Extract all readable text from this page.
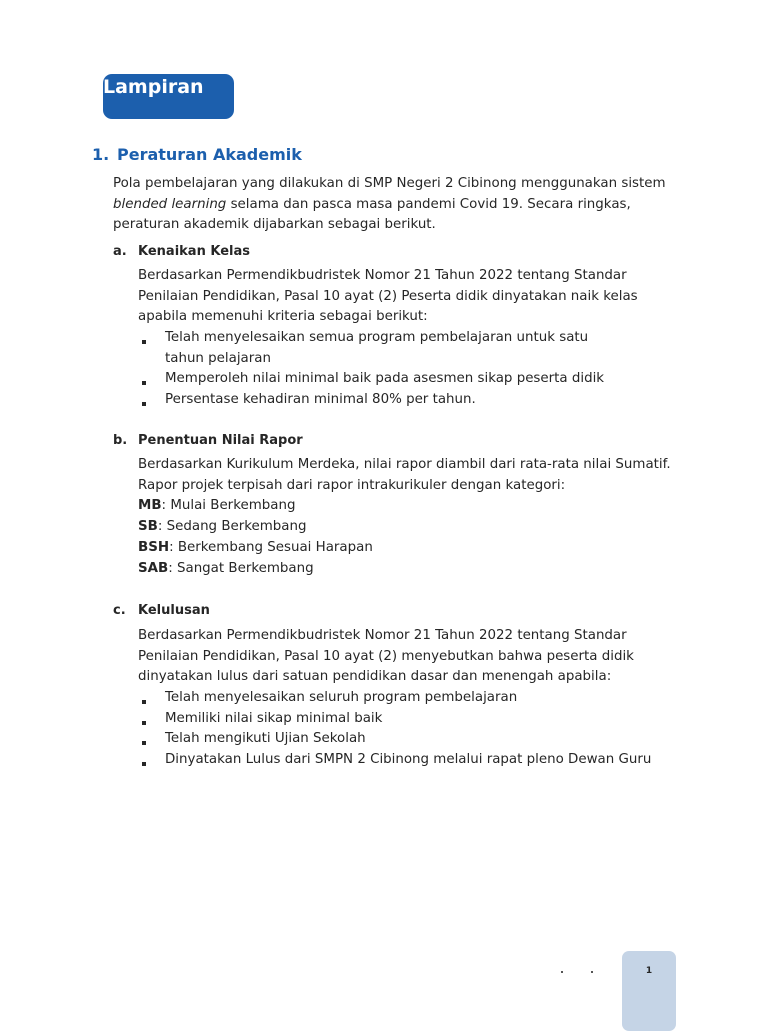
Lampiran
1. Peraturan Akademik
Pola pembelajaran yang dilakukan di SMP Negeri 2 Cibinong menggunakan sistem
blended learning selama dan pasca masa pandemi Covid 19. Secara ringkas,
peraturan akademik dijabarkan sebagai berikut.
a. Kenaikan Kelas
Berdasarkan Permendikbudristek Nomor 21 Tahun 2022 tentang Standar
Penilaian Pendidikan, Pasal 10 ayat (2) Peserta didik dinyatakan naik kelas
apabila memenuhi kriteria sebagai berikut:
Telah menyelesaikan semua program pembelajaran untuk satu
tahun pelajaran
Memperoleh nilai minimal baik pada asesmen sikap peserta didik
Persentase kehadiran minimal 80% per tahun.
b. Penentuan Nilai Rapor
Berdasarkan Kurikulum Merdeka, nilai rapor diambil dari rata-rata nilai Sumatif.
Rapor projek terpisah dari rapor intrakurikuler dengan kategori:
MB: Mulai Berkembang
SB: Sedang Berkembang
BSH: Berkembang Sesuai Harapan
SAB: Sangat Berkembang
c. Kelulusan
Berdasarkan Permendikbudristek Nomor 21 Tahun 2022 tentang Standar
Penilaian Pendidikan, Pasal 10 ayat (2) menyebutkan bahwa peserta didik
dinyatakan lulus dari satuan pendidikan dasar dan menengah apabila:
Telah menyelesaikan seluruh program pembelajaran
Memiliki nilai sikap minimal baik
Telah mengikuti Ujian Sekolah
Dinyatakan Lulus dari SMPN 2 Cibinong melalui rapat pleno Dewan Guru
1
